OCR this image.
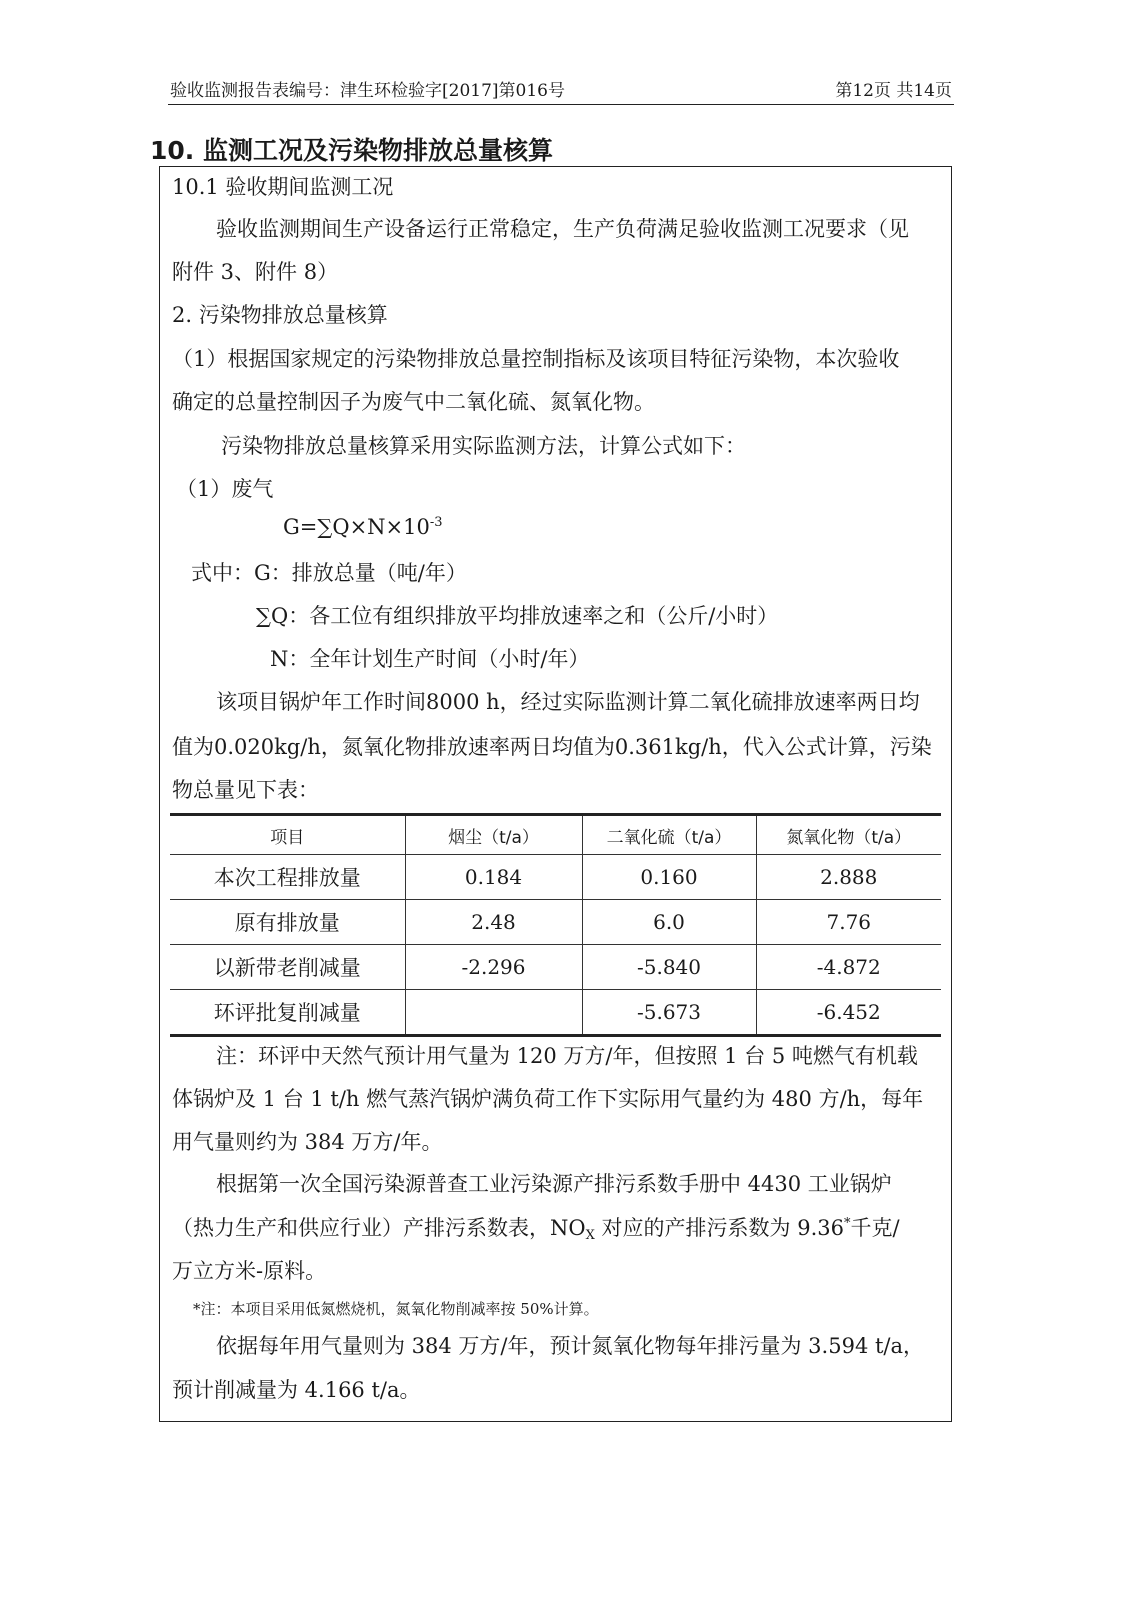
验收监测报告表编号：津生环检验字[2017]第016号	第12页 共14页
10. 监测工况及污染物排放总量核算

10.1 验收期间监测工况

验收监测期间生产设备运行正常稳定，生产负荷满足验收监测工况要求（见

附件 3、附件 8）

2. 污染物排放总量核算

（1）根据国家规定的污染物排放总量控制指标及该项目特征污染物，本次验收

确定的总量控制因子为废气中二氧化硫、氮氧化物。

污染物排放总量核算采用实际监测方法，计算公式如下：

（1）废气

$G=\sum Q\times N\times 10^{-3}$

式中：G：排放总量（吨/年）

∑Q：各工位有组织排放平均排放速率之和（公斤/小时）

N：全年计划生产时间（小时/年）

该项目锅炉年工作时间8000 h，经过实际监测计算二氧化硫排放速率两日均

值为0.020kg/h，氮氧化物排放速率两日均值为0.361kg/h，代入公式计算，污染

物总量见下表：

项目	烟尘（t/a）	二氧化硫（t/a）	氮氧化物（t/a）
本次工程排放量	0.184	0.160	2.888
原有排放量	2.48	6.0	7.76
以新带老削减量	-2.296	-5.840	-4.872
环评批复削减量		-5.673	-6.452

注：环评中天然气预计用气量为 120 万方/年，但按照 1 台 5 吨燃气有机载

体锅炉及 1 台 1 t/h 燃气蒸汽锅炉满负荷工作下实际用气量约为 480 方/h，每年

用气量则约为 384 万方/年。

根据第一次全国污染源普查工业污染源产排污系数手册中 4430 工业锅炉

（热力生产和供应行业）产排污系数表，$NO_X$ 对应的产排污系数为 9.36*千克/

万立方米-原料。

*注：本项目采用低氮燃烧机，氮氧化物削减率按 50%计算。

依据每年用气量则为 384 万方/年，预计氮氧化物每年排污量为 3.594 t/a，

预计削减量为 4.166 t/a。
